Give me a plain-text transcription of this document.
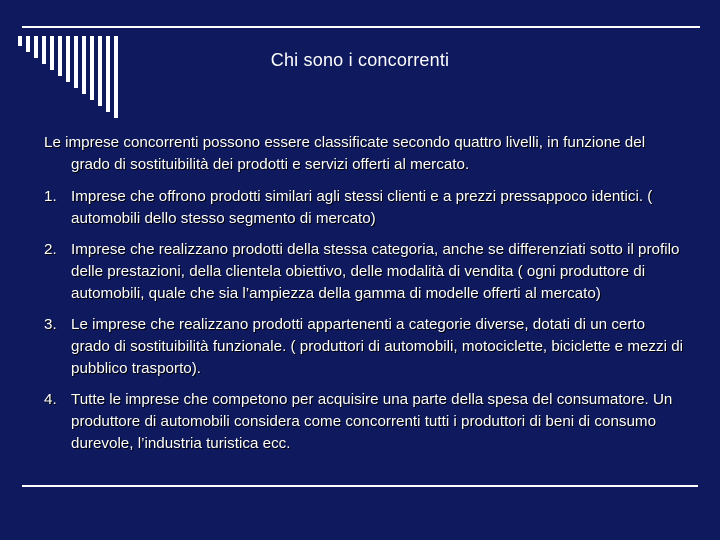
Chi sono i concorrenti

Le imprese concorrenti possono essere classificate secondo quattro livelli, in funzione del grado di sostituibilità dei prodotti e servizi offerti al mercato.

1. Imprese che offrono prodotti similari agli stessi clienti e a prezzi pressappoco identici. ( automobili dello stesso segmento di mercato)
2. Imprese che realizzano prodotti della stessa categoria, anche se differenziati sotto il profilo delle prestazioni, della clientela obiettivo, delle modalità di vendita ( ogni produttore di automobili, quale che sia l’ampiezza della gamma di modelle offerti al mercato)
3. Le imprese che realizzano prodotti appartenenti a categorie diverse, dotati di un certo grado di sostituibilità funzionale. ( produttori di automobili, motociclette, biciclette e mezzi di pubblico trasporto).
4. Tutte le imprese che competono per acquisire una parte della spesa del consumatore. Un produttore di automobili considera come concorrenti tutti i produttori di beni di consumo durevole, l’industria turistica ecc.
